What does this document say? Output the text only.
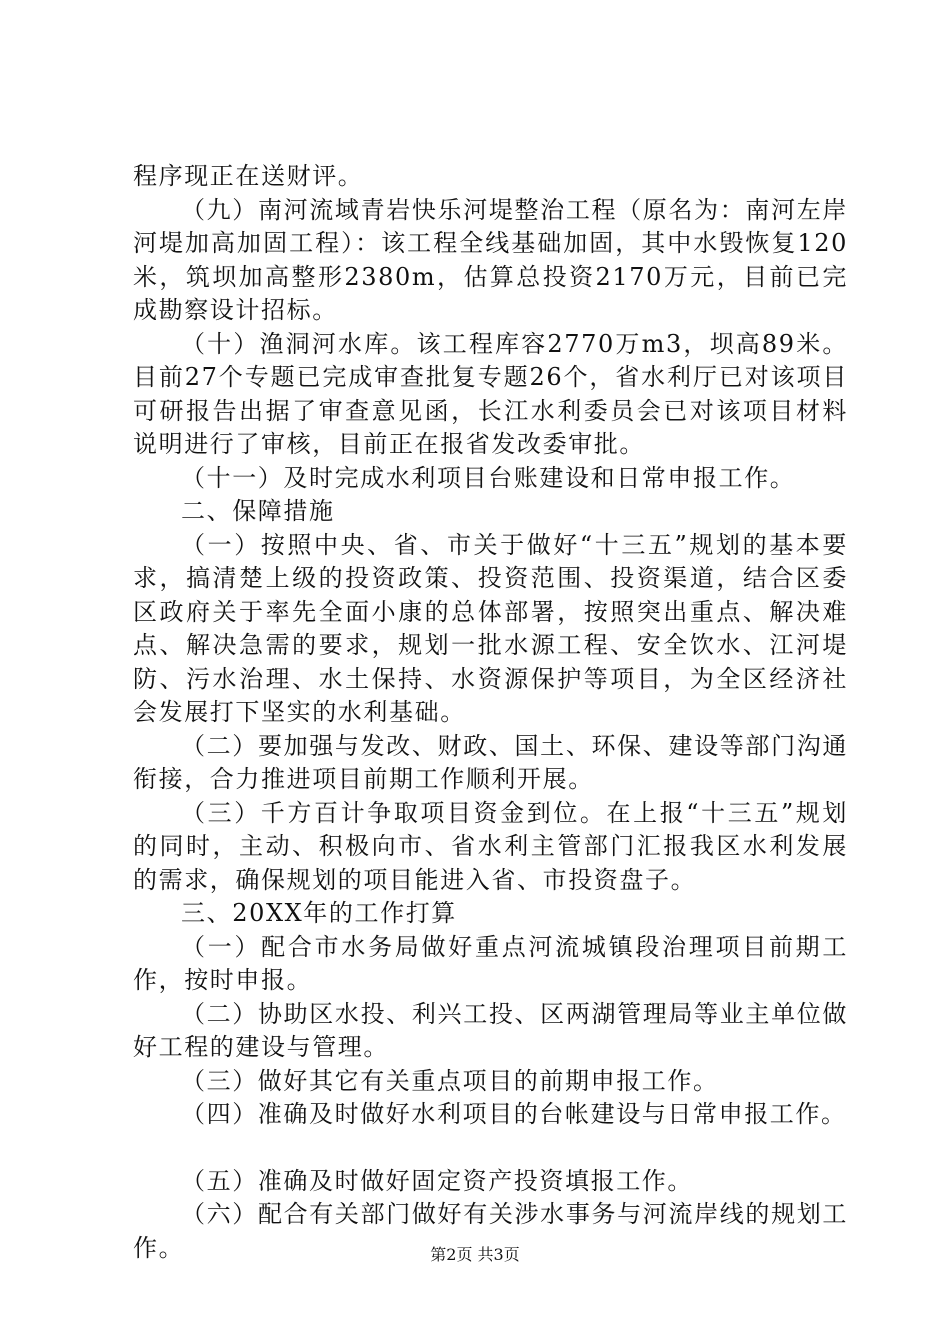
程序现正在送财评。

（九）南河流域青岩快乐河堤整治工程（原名为：南河左岸河堤加高加固工程）：该工程全线基础加固，其中水毁恢复120米，筑坝加高整形2380m，估算总投资2170万元，目前已完成勘察设计招标。

（十）渔洞河水库。该工程库容2770万m3，坝高89米。目前27个专题已完成审查批复专题26个，省水利厅已对该项目可研报告出据了审查意见函，长江水利委员会已对该项目材料说明进行了审核，目前正在报省发改委审批。

（十一）及时完成水利项目台账建设和日常申报工作。

二、保障措施

（一）按照中央、省、市关于做好“十三五”规划的基本要求，搞清楚上级的投资政策、投资范围、投资渠道，结合区委区政府关于率先全面小康的总体部署，按照突出重点、解决难点、解决急需的要求，规划一批水源工程、安全饮水、江河堤防、污水治理、水土保持、水资源保护等项目，为全区经济社会发展打下坚实的水利基础。

（二）要加强与发改、财政、国土、环保、建设等部门沟通衔接，合力推进项目前期工作顺利开展。

（三）千方百计争取项目资金到位。在上报“十三五”规划的同时，主动、积极向市、省水利主管部门汇报我区水利发展的需求，确保规划的项目能进入省、市投资盘子。

三、20XX年的工作打算

（一）配合市水务局做好重点河流城镇段治理项目前期工作，按时申报。

（二）协助区水投、利兴工投、区两湖管理局等业主单位做好工程的建设与管理。

（三）做好其它有关重点项目的前期申报工作。

（四）准确及时做好水利项目的台帐建设与日常申报工作。

（五）准确及时做好固定资产投资填报工作。

（六）配合有关部门做好有关涉水事务与河流岸线的规划工作。	第2页 共3页
